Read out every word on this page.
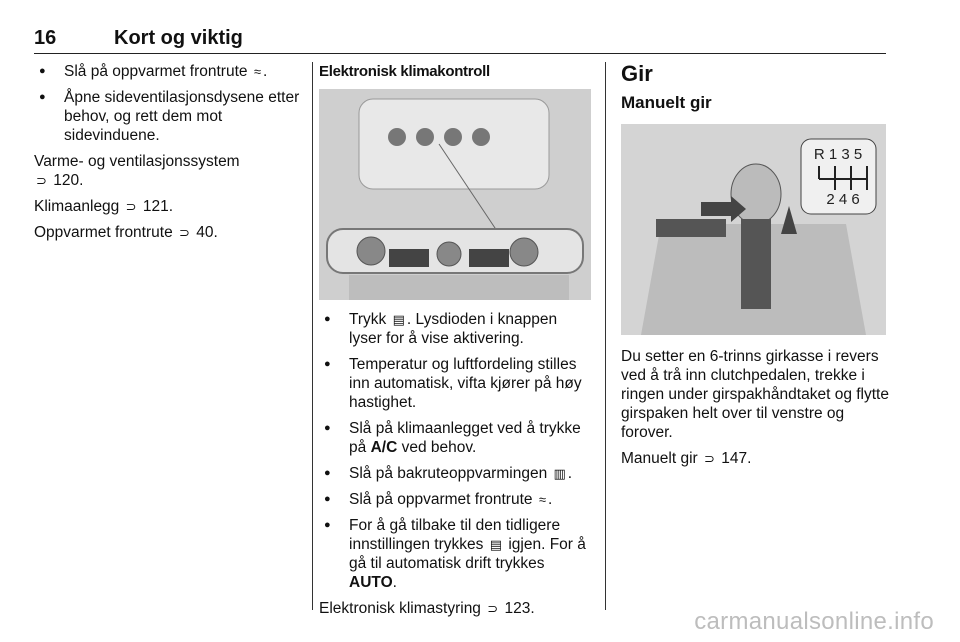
16	Kort og viktig
● Slå på oppvarmet frontrute ≈ .
● Åpne sideventilasjonsdysene etter behov, og rett dem mot sidevinduene.

Varme- og ventilasjonssystem
⊃ 120.

Klimaanlegg ⊃ 121.

Oppvarmet frontrute ⊃ 40.

Elektronisk klimakontroll
● Trykk ▤ . Lysdioden i knappen lyser for å vise aktivering.
● Temperatur og luftfordeling stilles inn automatisk, vifta kjører på høy hastighet.
● Slå på klimaanlegget ved å trykke på A/C ved behov.
● Slå på bakruteoppvarmingen ▥ .
● Slå på oppvarmet frontrute ≈ .
● For å gå tilbake til den tidligere innstillingen trykkes ▤ igjen. For å gå til automatisk drift trykkes AUTO.

Elektronisk klimastyring ⊃ 123.

Gir
Manuelt gir
R 1 3 5
2 4 6

Du setter en 6-trinns girkasse i revers ved å trå inn clutchpedalen, trekke i ringen under girspakhåndtaket og flytte girspaken helt over til venstre og forover.

Manuelt gir ⊃ 147.

carmanualsonline.info
